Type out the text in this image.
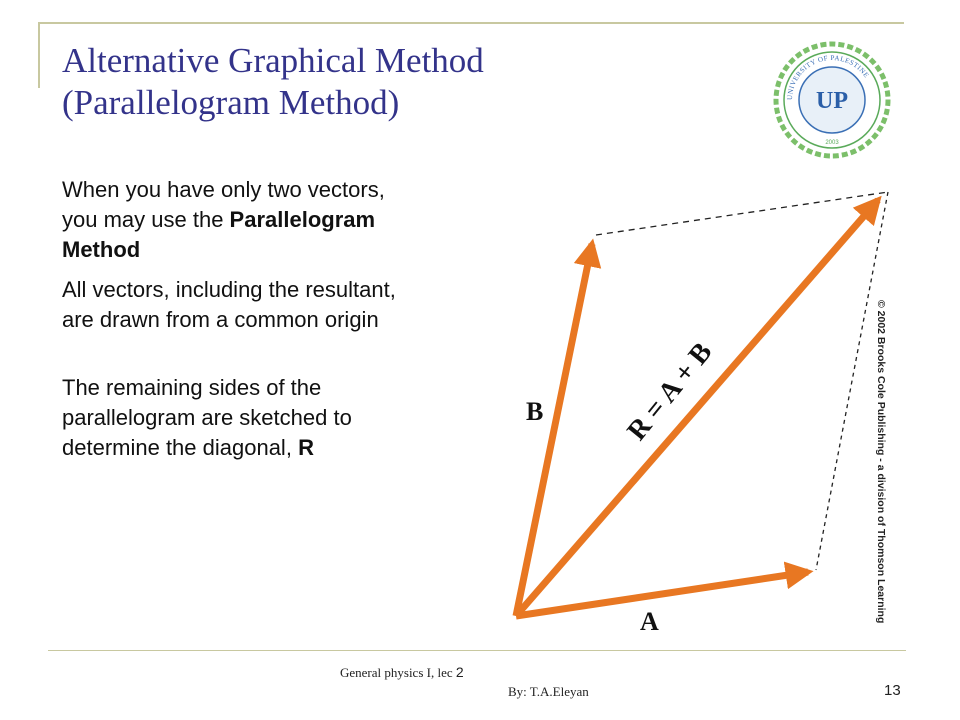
Alternative Graphical Method
(Parallelogram Method)	UNIVERSITY OF PALESTINE
UP
2003

When you have only two vectors, you may use the Parallelogram Method

All vectors, including the resultant, are drawn from a common origin

The remaining sides of the parallelogram are sketched to determine the diagonal, R

B
A
R = A + B	© 2002 Brooks Cole Publishing - a division of Thomson Learning
General physics I, lec 2
By: T.A.Eleyan	13
